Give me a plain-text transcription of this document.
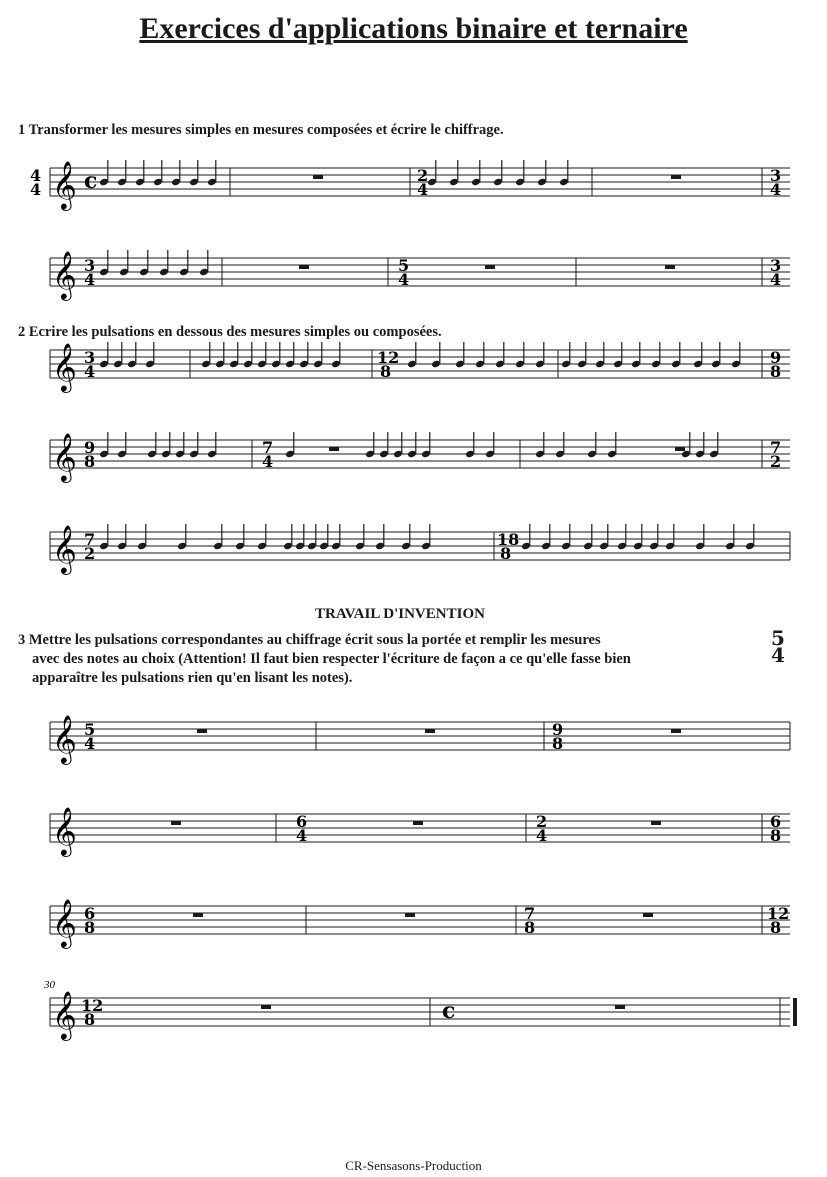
Exercices d'applications binaire et ternaire

1 Transformer les mesures simples en mesures composées et écrire le chiffrage.

2 Ecrire les pulsations en dessous des mesures simples ou composées.

TRAVAIL D'INVENTION

3 Mettre les pulsations correspondantes au chiffrage écrit sous la portée et remplir les mesures

avec des notes au choix (Attention! Il faut bien respecter l'écriture de façon a ce qu'elle fasse bien

apparaître les pulsations rien qu'en lisant les notes).

5
4
𝄞 c	2
4
3
4
4
4
𝄞 3
4
5
4
3
4
𝄞 3
4
12
8
9
8
𝄞 9
8
7
4
7
2
𝄞 7
2
18
8
𝄞 5
4
9
8
𝄞	6
4
2
4
6
8
𝄞 6
8
7
8
12
8
𝄞 12
8	c
30

CR-Sensasons-Production
